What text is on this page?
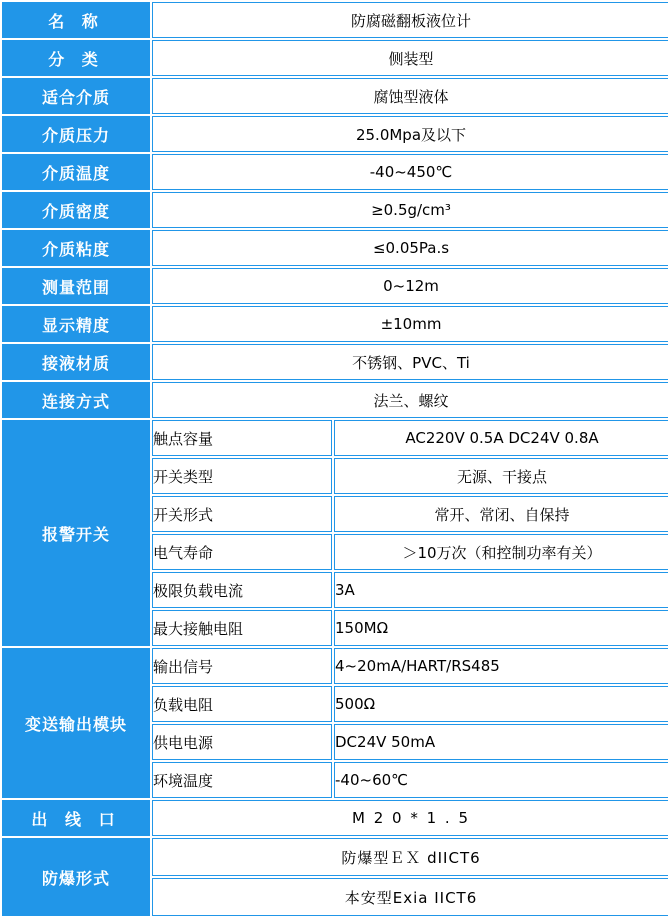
名 称	防腐磁翻板液位计	
分 类	侧装型	
适合介质	腐蚀型液体	
介质压力	25.0Mpa及以下	
介质温度	-40~450℃	
介质密度	≥0.5g/cm³	
介质粘度	≤0.05Pa.s	
测量范围	0~12m	
显示精度	±10mm	
接液材质	不锈钢、PVC、Ti	
连接方式	法兰、螺纹	
报警开关	触点容量	AC220V 0.5A DC24V 0.8A
	开关类型	无源、干接点
	开关形式	常开、常闭、自保持
	电气寿命	＞10万次（和控制功率有关）
	极限负载电流	3A
	最大接触电阻	150MΩ
变送输出模块	输出信号	4~20mA/HART/RS485
	负载电阻	500Ω
	供电电源	DC24V 50mA
	环境温度	-40~60℃
出 线 口	M 2 0 * 1 . 5	
防爆形式	防爆型ＥＸ dIICT6	
	本安型Exia IICT6	
